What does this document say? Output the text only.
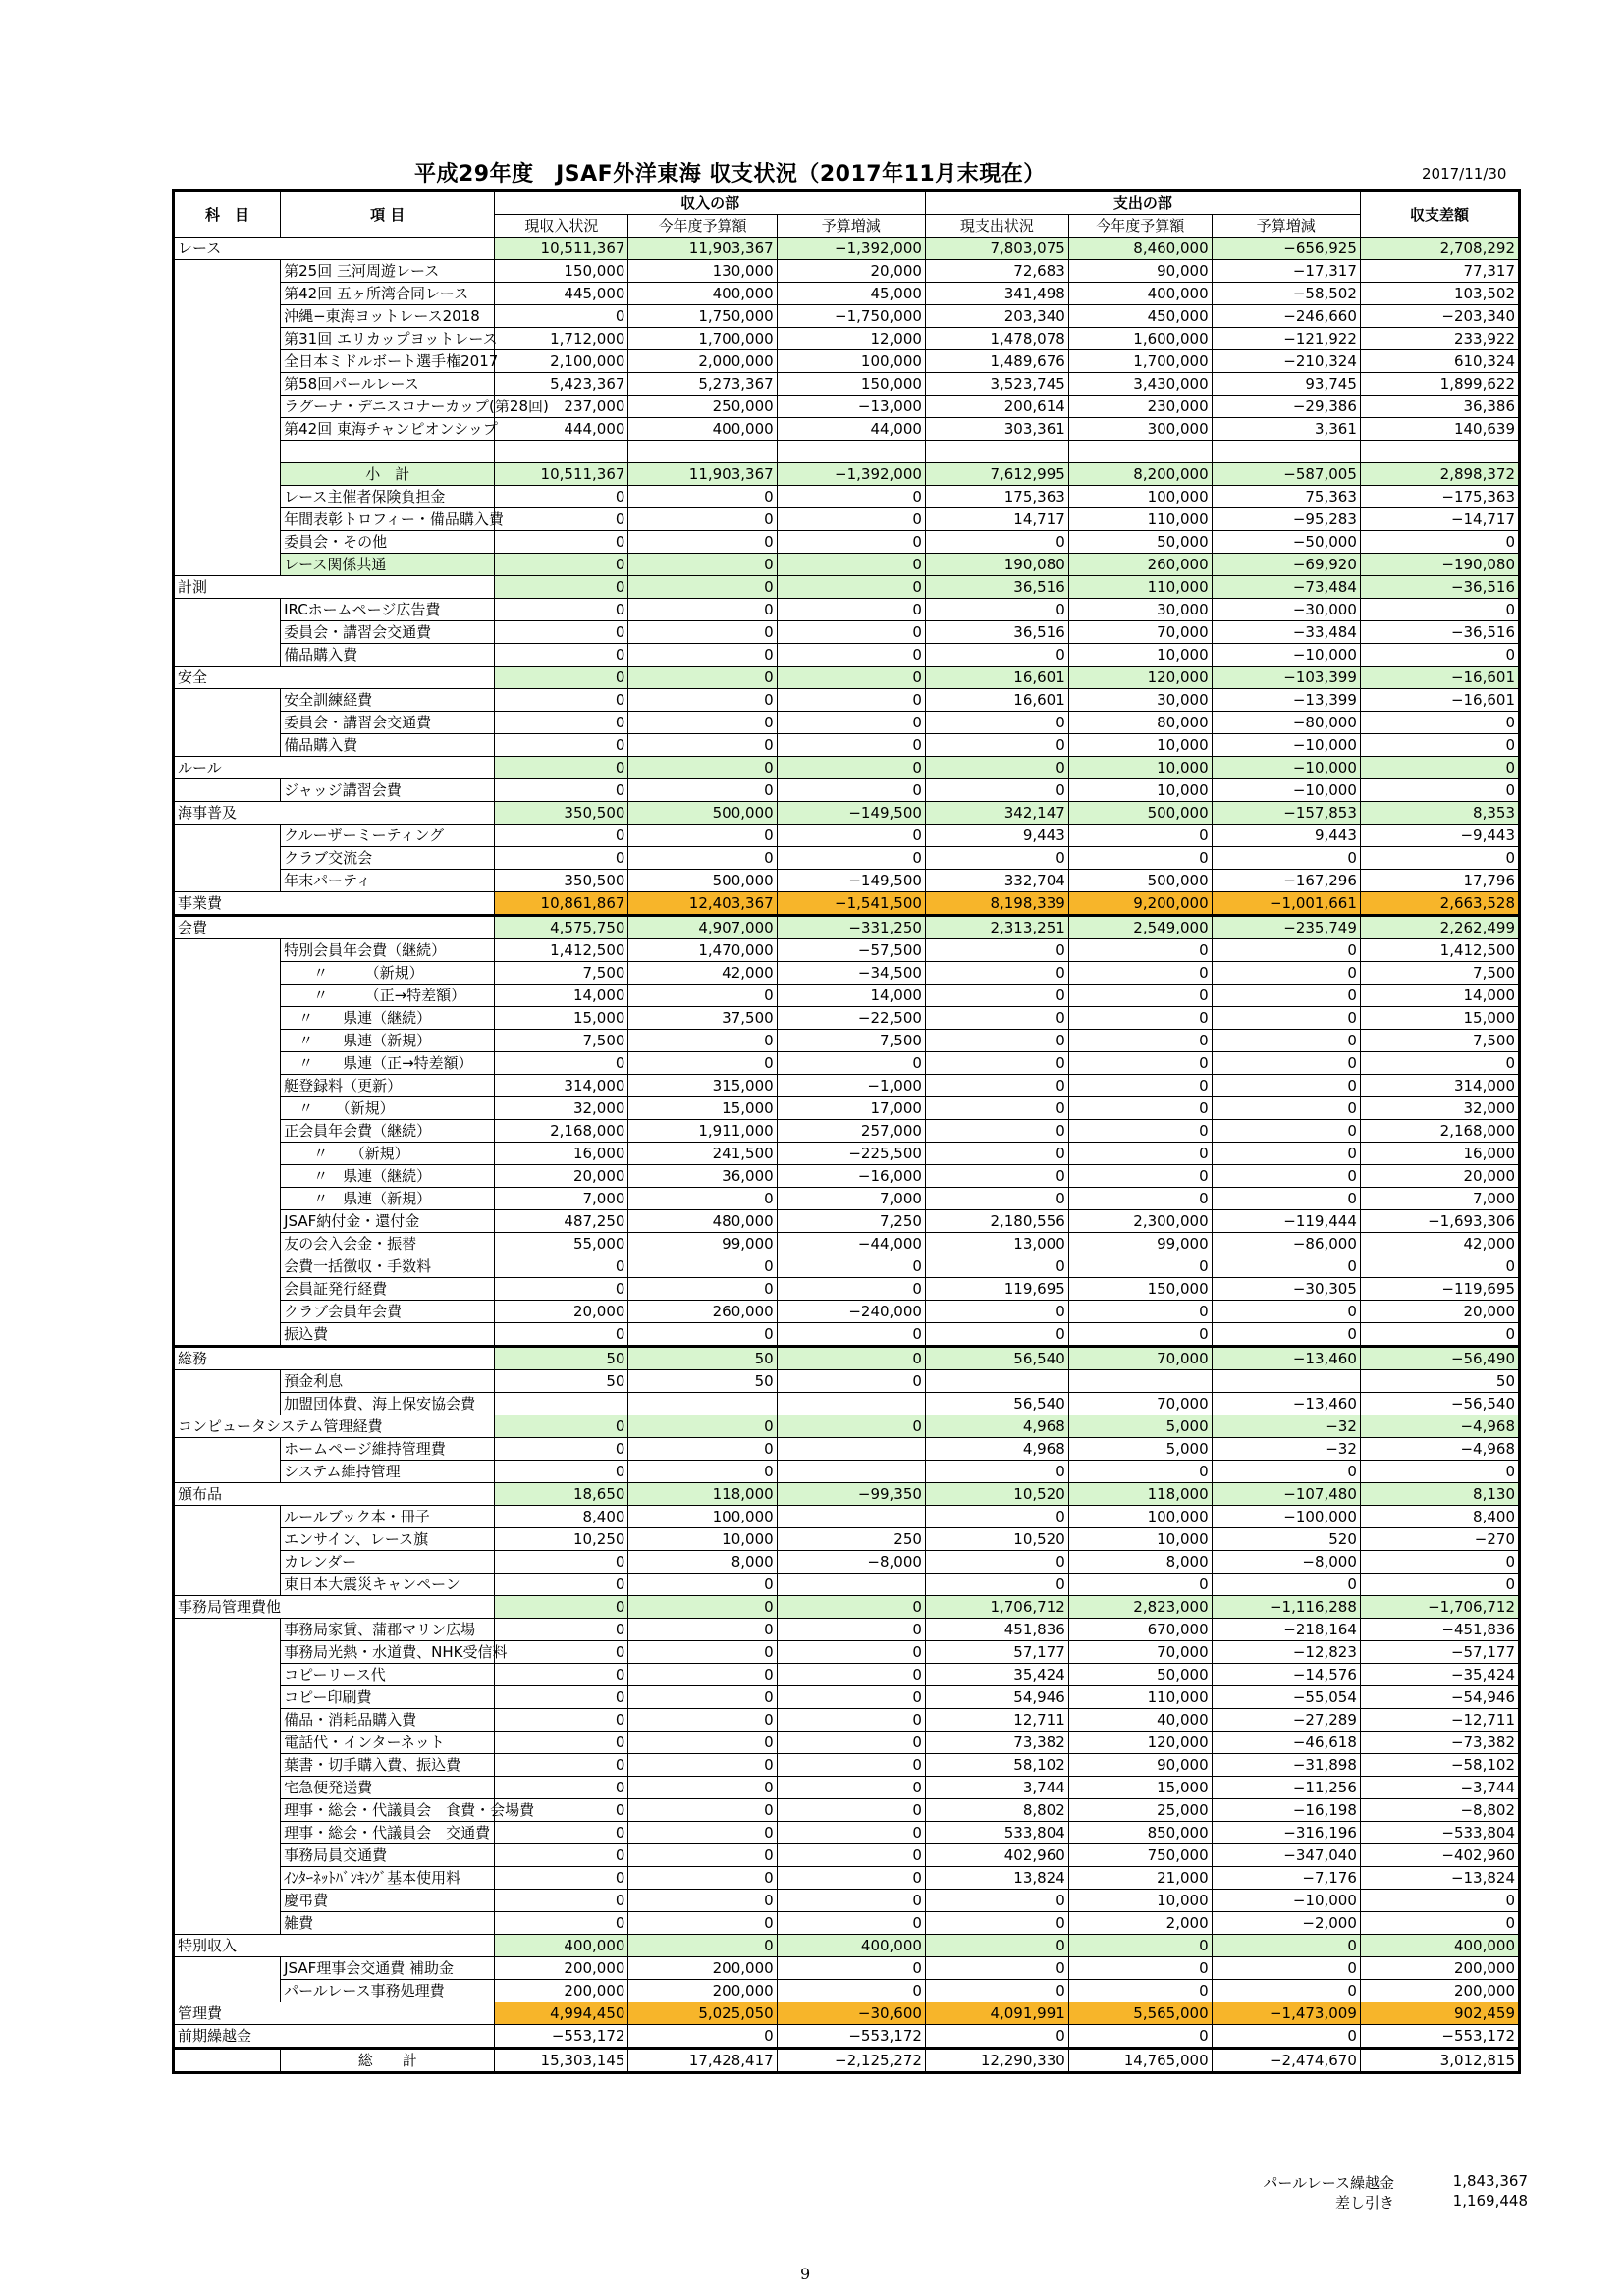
平成29年度　JSAF外洋東海 収支状況（2017年11月末現在）	2017/11/30
科　目	項 目	収入の部			支出の部			収支差額
		現収入状況	今年度予算額	予算増減	現支出状況	今年度予算額	予算増減	
レース		10,511,367	11,903,367	−1,392,000	7,803,075	8,460,000	−656,925	2,708,292
	第25回 三河周遊レース	150,000	130,000	20,000	72,683	90,000	−17,317	77,317
	第42回 五ヶ所湾合同レース	445,000	400,000	45,000	341,498	400,000	−58,502	103,502
	沖縄−東海ヨットレース2018	0	1,750,000	−1,750,000	203,340	450,000	−246,660	−203,340
	第31回 エリカップヨットレース	1,712,000	1,700,000	12,000	1,478,078	1,600,000	−121,922	233,922
	全日本ミドルボート選手権2017	2,100,000	2,000,000	100,000	1,489,676	1,700,000	−210,324	610,324
	第58回パールレース	5,423,367	5,273,367	150,000	3,523,745	3,430,000	93,745	1,899,622
	ラグーナ・デニスコナーカップ(第28回)	237,000	250,000	−13,000	200,614	230,000	−29,386	36,386
	第42回 東海チャンピオンシップ	444,000	400,000	44,000	303,361	300,000	3,361	140,639

	小　計	10,511,367	11,903,367	−1,392,000	7,612,995	8,200,000	−587,005	2,898,372
	レース主催者保険負担金	0	0	0	175,363	100,000	75,363	−175,363
	年間表彰トロフィー・備品購入費	0	0	0	14,717	110,000	−95,283	−14,717
	委員会・その他	0	0	0	0	50,000	−50,000	0
	レース関係共通	0	0	0	190,080	260,000	−69,920	−190,080
計測		0	0	0	36,516	110,000	−73,484	−36,516
	IRCホームページ広告費	0	0	0	0	30,000	−30,000	0
	委員会・講習会交通費	0	0	0	36,516	70,000	−33,484	−36,516
	備品購入費	0	0	0	0	10,000	−10,000	0
安全		0	0	0	16,601	120,000	−103,399	−16,601
	安全訓練経費	0	0	0	16,601	30,000	−13,399	−16,601
	委員会・講習会交通費	0	0	0	0	80,000	−80,000	0
	備品購入費	0	0	0	0	10,000	−10,000	0
ルール		0	0	0	0	10,000	−10,000	0
	ジャッジ講習会費	0	0	0	0	10,000	−10,000	0
海事普及		350,500	500,000	−149,500	342,147	500,000	−157,853	8,353
	クルーザーミーティング	0	0	0	9,443	0	9,443	−9,443
	クラブ交流会	0	0	0	0	0	0	0
	年末パーティ	350,500	500,000	−149,500	332,704	500,000	−167,296	17,796
事業費		10,861,867	12,403,367	−1,541,500	8,198,339	9,200,000	−1,001,661	2,663,528
会費		4,575,750	4,907,000	−331,250	2,313,251	2,549,000	−235,749	2,262,499
	特別会員年会費（継続）	1,412,500	1,470,000	−57,500	0	0	0	1,412,500
	　　〃　　　（新規）	7,500	42,000	−34,500	0	0	0	7,500
	　　〃　　　（正→特差額）	14,000	0	14,000	0	0	0	14,000
	　〃　　県連（継続）	15,000	37,500	−22,500	0	0	0	15,000
	　〃　　県連（新規）	7,500	0	7,500	0	0	0	7,500
	　〃　　県連（正→特差額）	0	0	0	0	0	0	0
	艇登録料（更新）	314,000	315,000	−1,000	0	0	0	314,000
	　〃　　（新規）	32,000	15,000	17,000	0	0	0	32,000
	正会員年会費（継続）	2,168,000	1,911,000	257,000	0	0	0	2,168,000
	　　〃　　（新規）	16,000	241,500	−225,500	0	0	0	16,000
	　　〃　県連（継続）	20,000	36,000	−16,000	0	0	0	20,000
	　　〃　県連（新規）	7,000	0	7,000	0	0	0	7,000
	JSAF納付金・還付金	487,250	480,000	7,250	2,180,556	2,300,000	−119,444	−1,693,306
	友の会入会金・振替	55,000	99,000	−44,000	13,000	99,000	−86,000	42,000
	会費一括徴収・手数料	0	0	0	0	0	0	0
	会員証発行経費	0	0	0	119,695	150,000	−30,305	−119,695
	クラブ会員年会費	20,000	260,000	−240,000	0	0	0	20,000
	振込費	0	0	0	0	0	0	0
総務		50	50	0	56,540	70,000	−13,460	−56,490
	預金利息	50	50	0				50
	加盟団体費、海上保安協会費				56,540	70,000	−13,460	−56,540
コンピュータシステム管理経費		0	0	0	4,968	5,000	−32	−4,968
	ホームページ維持管理費	0	0		4,968	5,000	−32	−4,968
	システム維持管理	0	0		0	0	0	0
頒布品		18,650	118,000	−99,350	10,520	118,000	−107,480	8,130
	ルールブック本・冊子	8,400	100,000		0	100,000	−100,000	8,400
	エンサイン、レース旗	10,250	10,000	250	10,520	10,000	520	−270
	カレンダー	0	8,000	−8,000	0	8,000	−8,000	0
	東日本大震災キャンペーン	0	0		0	0	0	0
事務局管理費他		0	0	0	1,706,712	2,823,000	−1,116,288	−1,706,712
	事務局家賃、蒲郡マリン広場	0	0	0	451,836	670,000	−218,164	−451,836
	事務局光熱・水道費、NHK受信料	0	0	0	57,177	70,000	−12,823	−57,177
	コピーリース代	0	0	0	35,424	50,000	−14,576	−35,424
	コピー印刷費	0	0	0	54,946	110,000	−55,054	−54,946
	備品・消耗品購入費	0	0	0	12,711	40,000	−27,289	−12,711
	電話代・インターネット	0	0	0	73,382	120,000	−46,618	−73,382
	葉書・切手購入費、振込費	0	0	0	58,102	90,000	−31,898	−58,102
	宅急便発送費	0	0	0	3,744	15,000	−11,256	−3,744
	理事・総会・代議員会　食費・会場費	0	0	0	8,802	25,000	−16,198	−8,802
	理事・総会・代議員会　交通費	0	0	0	533,804	850,000	−316,196	−533,804
	事務局員交通費	0	0	0	402,960	750,000	−347,040	−402,960
	ｲﾝﾀｰﾈｯﾄﾊﾞﾝｷﾝｸﾞ基本使用料	0	0	0	13,824	21,000	−7,176	−13,824
	慶弔費	0	0	0	0	10,000	−10,000	0
	雑費	0	0	0	0	2,000	−2,000	0
特別収入		400,000	0	400,000	0	0	0	400,000
	JSAF理事会交通費 補助金	200,000	200,000	0	0	0	0	200,000
	パールレース事務処理費	200,000	200,000	0	0	0	0	200,000
管理費		4,994,450	5,025,050	−30,600	4,091,991	5,565,000	−1,473,009	902,459
前期繰越金		−553,172	0	−553,172	0	0	0	−553,172
	総　　計	15,303,145	17,428,417	−2,125,272	12,290,330	14,765,000	−2,474,670	3,012,815
パールレース繰越金	1,843,367
差し引き	1,169,448
9
